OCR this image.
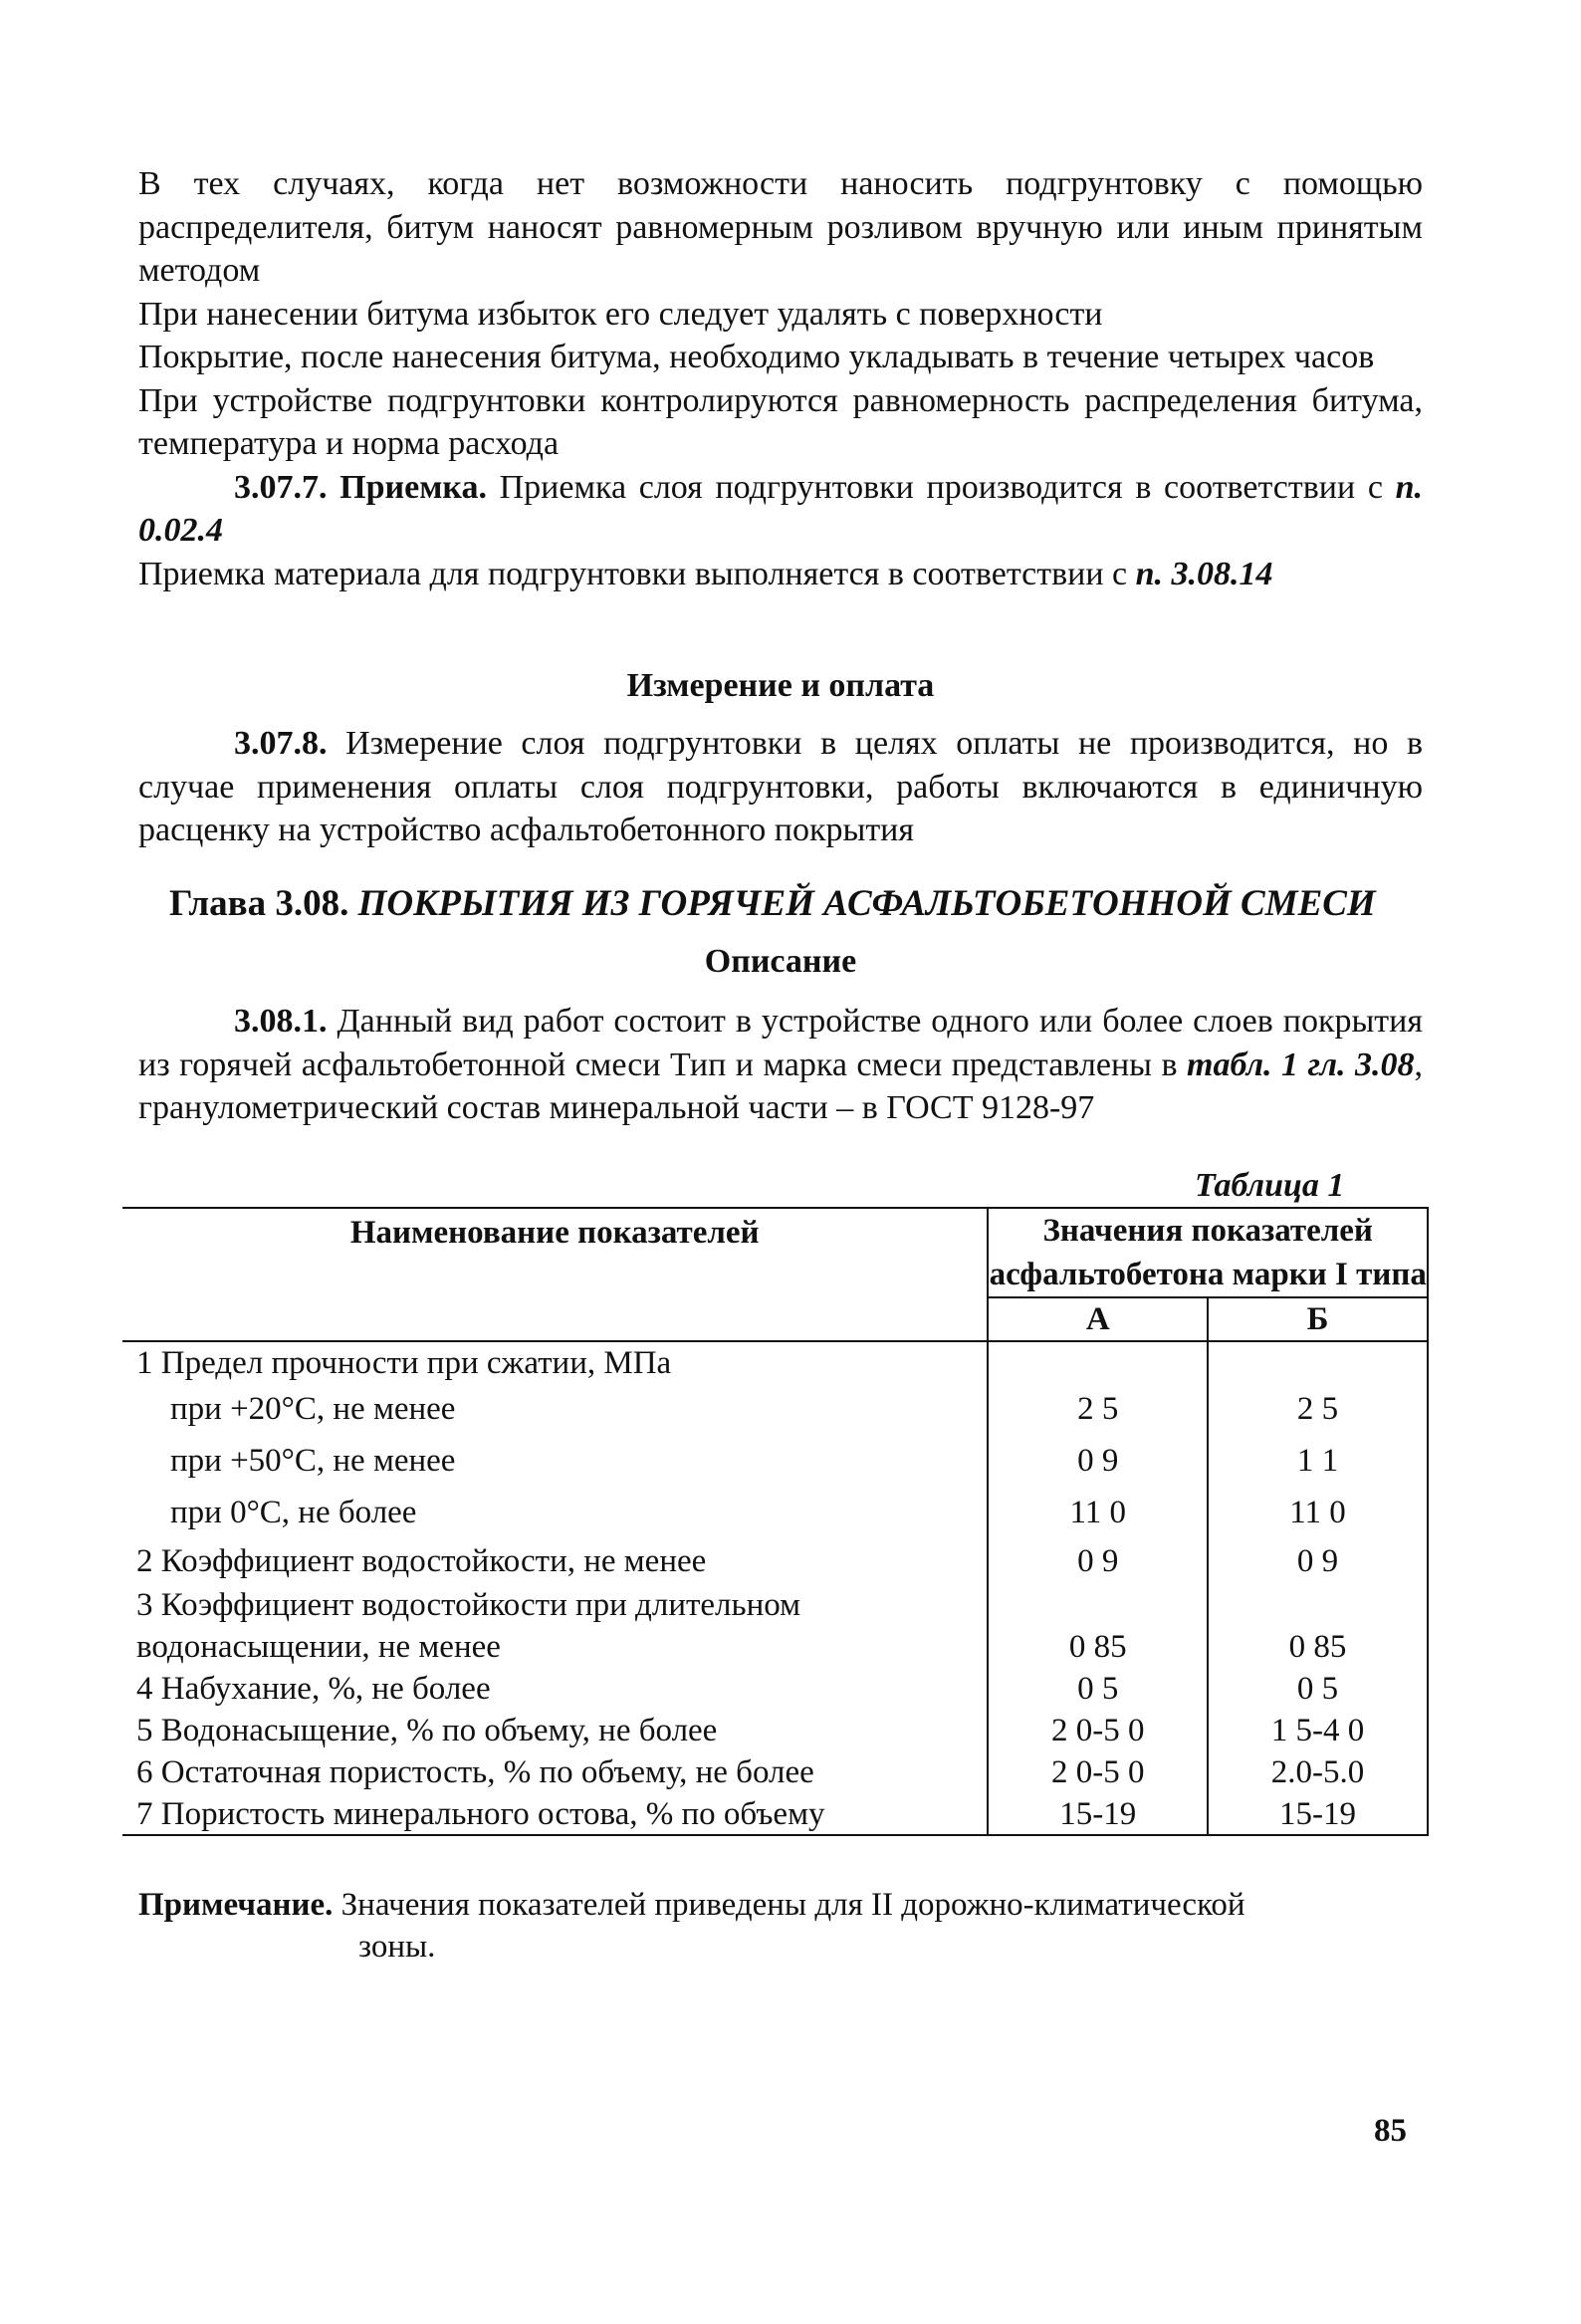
В тех случаях, когда нет возможности наносить подгрунтовку с помощью распределителя, битум наносят равномерным розливом вручную или иным принятым методом

При нанесении битума избыток его следует удалять с поверхности

Покрытие, после нанесения битума, необходимо укладывать в течение четырех часов

При устройстве подгрунтовки контролируются равномерность распределения битума, температура и норма расхода

3.07.7. Приемка. Приемка слоя подгрунтовки производится в соответствии с п. 0.02.4

Приемка материала для подгрунтовки выполняется в соответствии с п. 3.08.14

Измерение и оплата

3.07.8. Измерение слоя подгрунтовки в целях оплаты не производится, но в случае применения оплаты слоя подгрунтовки, работы включаются в единичную расценку на устройство асфальтобетонного покрытия

Глава 3.08. ПОКРЫТИЯ ИЗ ГОРЯЧЕЙ АСФАЛЬТОБЕТОННОЙ СМЕСИ
Описание

3.08.1. Данный вид работ состоит в устройстве одного или более слоев покрытия из горячей асфальтобетонной смеси Тип и марка смеси представлены в табл. 1 гл. 3.08, гранулометрический состав минеральной части – в ГОСТ 9128-97

Таблица 1
Наименование показателей	Значения показателей асфальтобетона марки I типа	
	А	Б
1 Предел прочности при сжатии, МПа		
при +20°С, не менее	2 5	2 5
при +50°С, не менее	0 9	1 1
при 0°С, не более	11 0	11 0
2 Коэффициент водостойкости, не менее	0 9	0 9
3 Коэффициент водостойкости при длительном		
водонасыщении, не менее	0 85	0 85
4 Набухание, %, не более	0 5	0 5
5 Водонасыщение, % по объему, не более	2 0-5 0	1 5-4 0
6 Остаточная пористость, % по объему, не более	2 0-5 0	2.0-5.0
7 Пористость минерального остова, % по объему	15-19	15-19
Примечание. Значения показателей приведены для II дорожно-климатической
зоны.
85
